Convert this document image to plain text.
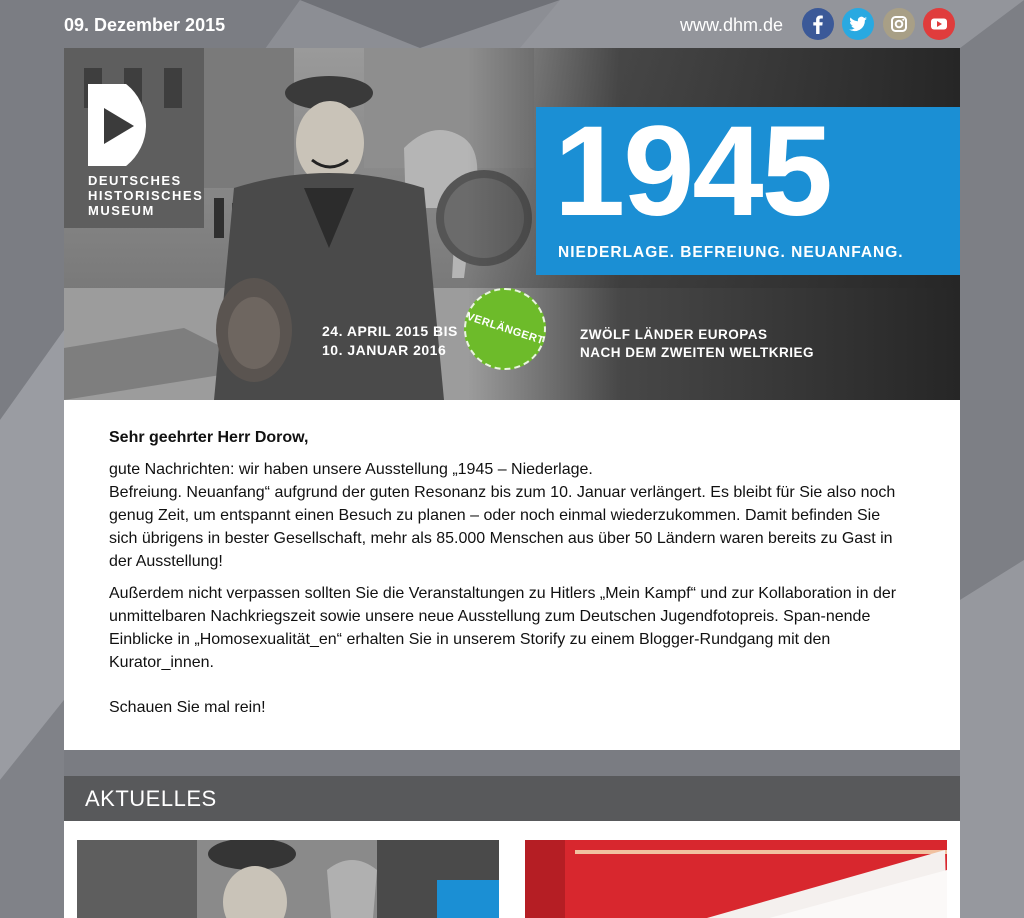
09. Dezember 2015	www.dhm.de
DEUTSCHES
HISTORISCHES
MUSEUM	1945
NIEDERLAGE. BEFREIUNG. NEUANFANG.
24. APRIL 2015 BIS
10. JANUAR 2016
VERLÄNGERT	ZWÖLF LÄNDER EUROPAS
NACH DEM ZWEITEN WELTKRIEG

Sehr geehrter Herr Dorow,

gute Nachrichten: wir haben unsere Ausstellung „1945 – Niederlage.
Befreiung. Neuanfang“ aufgrund der guten Resonanz bis zum 10. Januar verlängert. Es bleibt für Sie also noch genug Zeit, um entspannt einen Besuch zu planen – oder noch einmal wiederzukommen. Damit befinden Sie sich übrigens in bester Gesellschaft, mehr als 85.000 Menschen aus über 50 Ländern waren bereits zu Gast in der Ausstellung!

Außerdem nicht verpassen sollten Sie die Veranstaltungen zu Hitlers „Mein Kampf“ und zur Kollaboration in der unmittelbaren Nachkriegszeit sowie unsere neue Ausstellung zum Deutschen Jugendfotopreis. Span-nende Einblicke in „Homosexualität_en“ erhalten Sie in unserem Storify zu einem Blogger-Rundgang mit den Kurator_innen.

Schauen Sie mal rein!

AKTUELLES
